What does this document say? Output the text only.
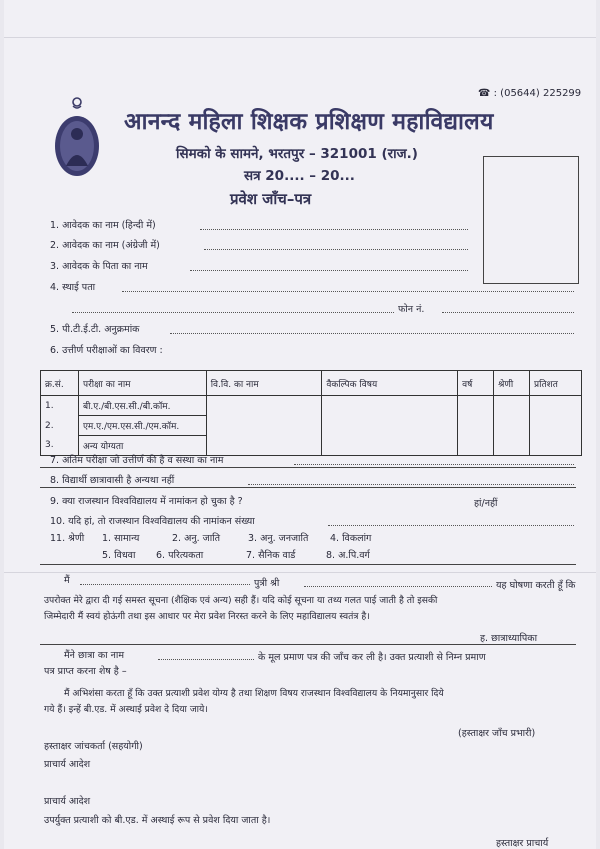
☎ : (05644) 225299
आनन्द महिला शिक्षक प्रशिक्षण महाविद्यालय
सिमको के सामने, भरतपुर – 321001 (राज.)
सत्र 20.... – 20...
प्रवेश जाँच–पत्र
1. आवेदक का नाम (हिन्दी में)
2. आवेदक का नाम (अंग्रेजी में)
3. आवेदक के पिता का नाम
4. स्थाई पता
फोन नं.
5. पी.टी.ई.टी. अनुक्रमांक
6. उत्तीर्ण परीक्षाओं का विवरण :
क्र.सं.	परीक्षा का नाम	वि.वि. का नाम	वैकल्पिक विषय	वर्ष	श्रेणी	प्रतिशत
1.	बी.ए./बी.एस.सी./बी.कॉम.					
2.	एम.ए./एम.एस.सी./एम.कॉम.					
3.	अन्य योग्यता					
7. अंतिम परीक्षा जो उत्तीर्ण की है व संस्था का नाम
8. विद्यार्थी छात्रावासी है अन्यथा नहीं
9. क्या राजस्थान विश्वविद्यालय में नामांकन हो चुका है ?	हां/नहीं
10. यदि हां, तो राजस्थान विश्वविद्यालय की नामांकन संख्या
11. श्रेणी 1. सामान्य	2. अनु. जाति	3. अनु. जनजाति 4. विकलांग
5. विधवा 6. परित्यकता	7. सैनिक वार्ड	8. अ.पि.वर्ग
मैं	पुत्री श्री	यह घोषणा करती हूँ कि
उपरोक्त मेरे द्वारा दी गई समस्त सूचना (शैक्षिक एवं अन्य) सही हैं। यदि कोई सूचना या तथ्य गलत पाई जाती है तो इसकी
जिम्मेदारी मैं स्वयं होऊंगी तथा इस आधार पर मेरा प्रवेश निरस्त करने के लिए महाविद्यालय स्वतंत्र है।
ह. छात्राध्यापिका
मैंने छात्रा का नाम	के मूल प्रमाण पत्र की जाँच कर ली है। उक्त प्रत्याशी से निम्न प्रमाण
पत्र प्राप्त करना शेष है –
मैं अभिशंसा करता हूँ कि उक्त प्रत्याशी प्रवेश योग्य है तथा शिक्षण विषय राजस्थान विश्वविद्यालय के नियमानुसार दिये
गये हैं। इन्हें बी.एड. में अस्थाई प्रवेश दे दिया जाये।
(हस्ताक्षर जाँच प्रभारी)
हस्ताक्षर जांचकर्ता (सहयोगी)
प्राचार्य आदेश
प्राचार्य आदेश
उपर्युक्त प्रत्याशी को बी.एड. में अस्थाई रूप से प्रवेश दिया जाता है।
हस्ताक्षर प्राचार्य
